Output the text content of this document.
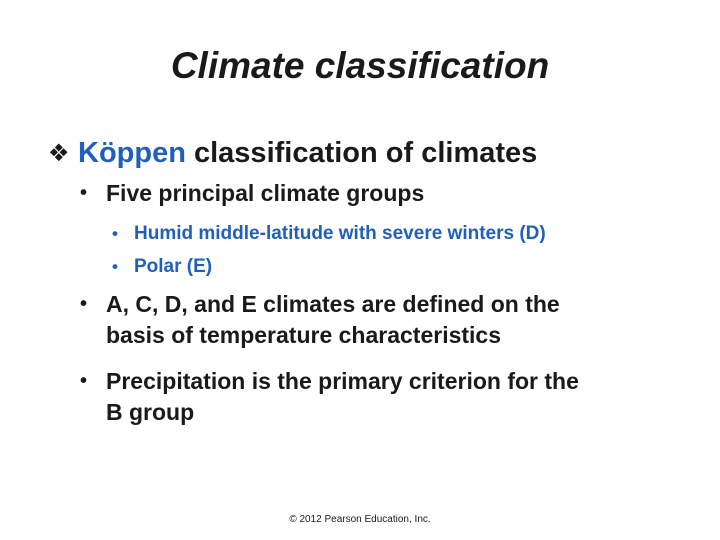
Climate classification
❖ Köppen classification of climates
• Five principal climate groups
• Humid middle-latitude with severe winters (D)
• Polar (E)
• A, C, D, and E climates are defined on the
basis of temperature characteristics
• Precipitation is the primary criterion for the
B group
© 2012 Pearson Education, Inc.
